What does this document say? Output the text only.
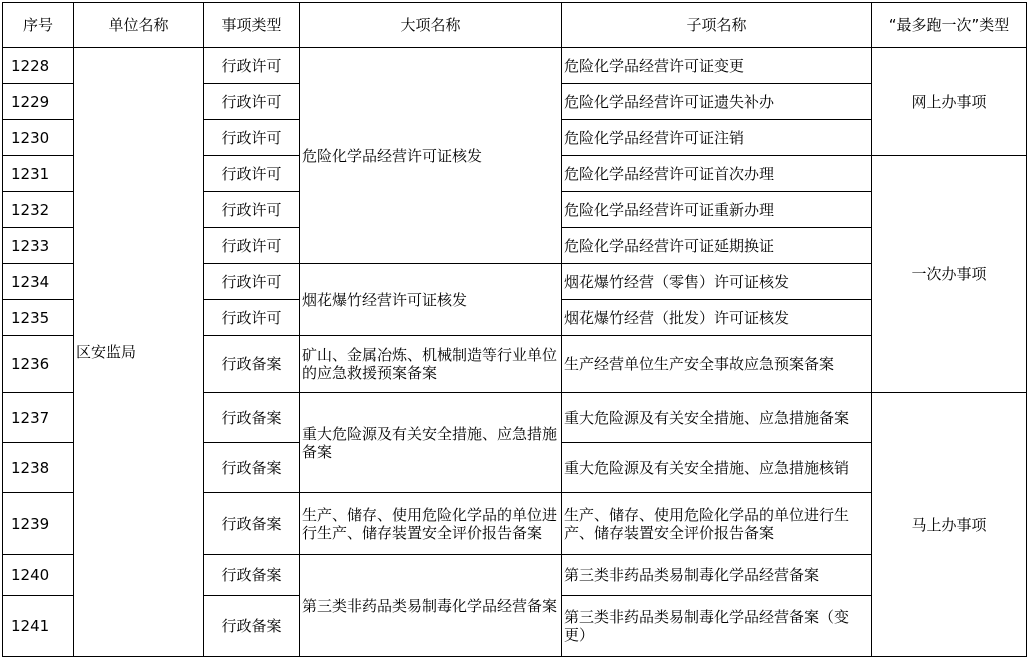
序号	单位名称	事项类型	大项名称	子项名称	“最多跑一次”类型
1228	区安监局	行政许可	危险化学品经营许可证核发	危险化学品经营许可证变更	网上办事项
1229		行政许可		危险化学品经营许可证遗失补办	
1230		行政许可		危险化学品经营许可证注销	
1231		行政许可		危险化学品经营许可证首次办理	一次办事项
1232		行政许可		危险化学品经营许可证重新办理	
1233		行政许可		危险化学品经营许可证延期换证	
1234		行政许可	烟花爆竹经营许可证核发	烟花爆竹经营（零售）许可证核发	
1235		行政许可		烟花爆竹经营（批发）许可证核发	
1236		行政备案	矿山、金属冶炼、机械制造等行业单位的应急救援预案备案	生产经营单位生产安全事故应急预案备案	
1237		行政备案	重大危险源及有关安全措施、应急措施备案	重大危险源及有关安全措施、应急措施备案	马上办事项
1238		行政备案		重大危险源及有关安全措施、应急措施核销	
1239		行政备案	生产、储存、使用危险化学品的单位进行生产、储存装置安全评价报告备案	生产、储存、使用危险化学品的单位进行生产、储存装置安全评价报告备案	
1240		行政备案	第三类非药品类易制毒化学品经营备案	第三类非药品类易制毒化学品经营备案	
1241		行政备案		第三类非药品类易制毒化学品经营备案（变更）	
